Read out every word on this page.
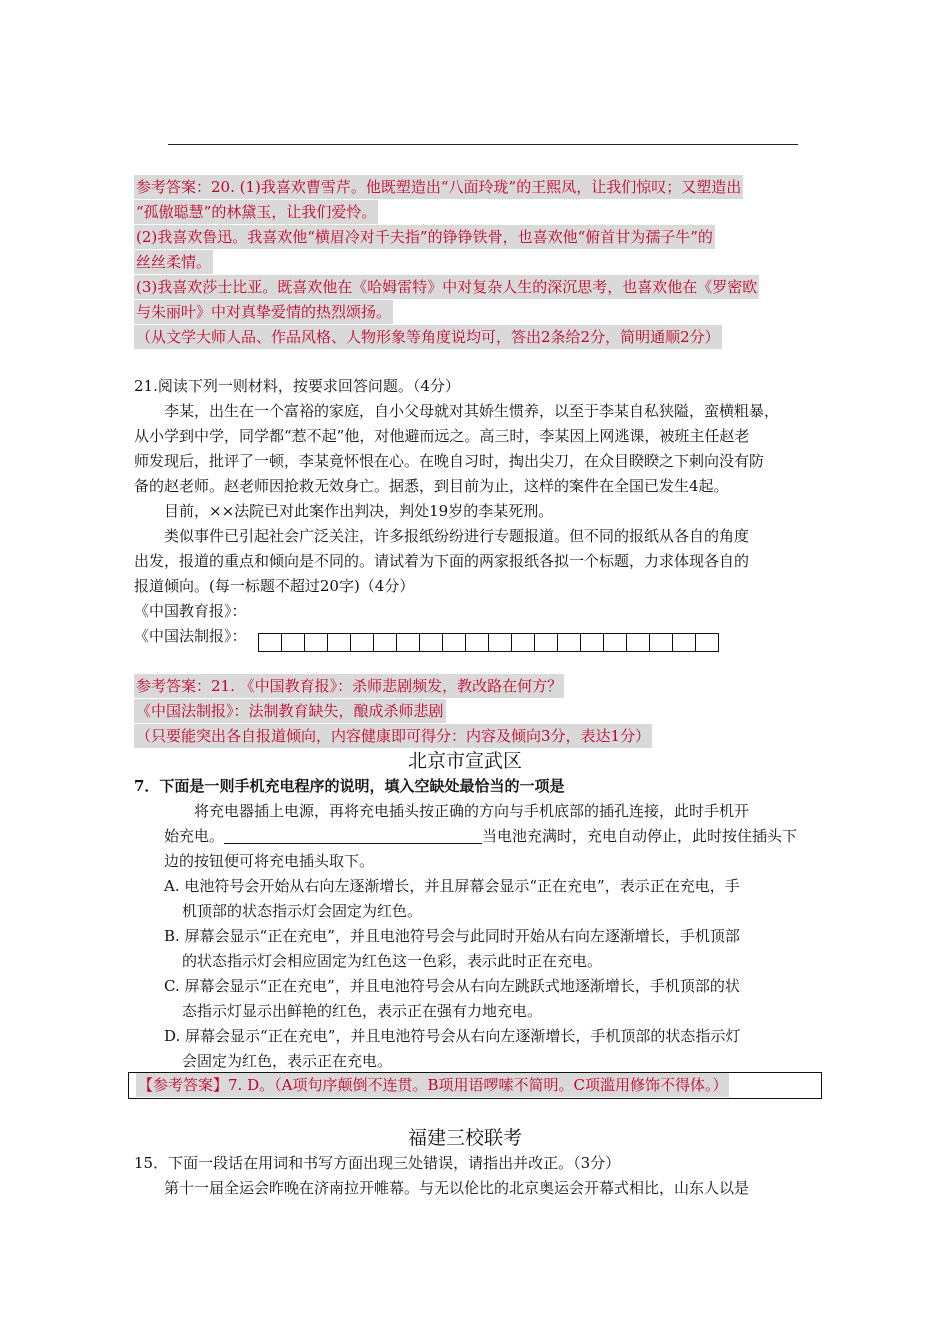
参考答案：20. (1)我喜欢曹雪芹。他既塑造出“八面玲珑”的王熙凤，让我们惊叹；又塑造出
“孤傲聪慧”的林黛玉，让我们爱怜。
(2)我喜欢鲁迅。我喜欢他“横眉冷对千夫指”的铮铮铁骨，也喜欢他“俯首甘为孺子牛”的
丝丝柔情。
(3)我喜欢莎士比亚。既喜欢他在《哈姆雷特》中对复杂人生的深沉思考，也喜欢他在《罗密欧
与朱丽叶》中对真挚爱情的热烈颂扬。
（从文学大师人品、作品风格、人物形象等角度说均可，答出2条给2分，简明通顺2分）
21.阅读下列一则材料，按要求回答问题。（4分）
李某，出生在一个富裕的家庭，自小父母就对其娇生惯养，以至于李某自私狭隘，蛮横粗暴，
从小学到中学，同学都“惹不起”他，对他避而远之。高三时，李某因上网逃课，被班主任赵老
师发现后，批评了一顿，李某竟怀恨在心。在晚自习时，掏出尖刀，在众目睽睽之下刺向没有防
备的赵老师。赵老师因抢救无效身亡。据悉，到目前为止，这样的案件在全国已发生4起。
目前，××法院已对此案作出判决，判处19岁的李某死刑。
类似事件已引起社会广泛关注，许多报纸纷纷进行专题报道。但不同的报纸从各自的角度
出发，报道的重点和倾向是不同的。请试着为下面的两家报纸各拟一个标题，力求体现各自的
报道倾向。(每一标题不超过20字)（4分）
《中国教育报》：
《中国法制报》：
参考答案：21. 《中国教育报》：杀师悲剧频发，教改路在何方？
《中国法制报》：法制教育缺失，酿成杀师悲剧
（只要能突出各自报道倾向，内容健康即可得分：内容及倾向3分，表达1分）
北京市宣武区
7．下面是一则手机充电程序的说明，填入空缺处最恰当的一项是
将充电器插上电源，再将充电插头按正确的方向与手机底部的插孔连接，此时手机开
始充电。	当电池充满时，充电自动停止，此时按住插头下
边的按钮便可将充电插头取下。
A. 电池符号会开始从右向左逐渐增长，并且屏幕会显示“正在充电”，表示正在充电，手
机顶部的状态指示灯会固定为红色。
B. 屏幕会显示“正在充电”，并且电池符号会与此同时开始从右向左逐渐增长，手机顶部
的状态指示灯会相应固定为红色这一色彩，表示此时正在充电。
C. 屏幕会显示“正在充电”，并且电池符号会从右向左跳跃式地逐渐增长，手机顶部的状
态指示灯显示出鲜艳的红色，表示正在强有力地充电。
D. 屏幕会显示“正在充电”，并且电池符号会从右向左逐渐增长，手机顶部的状态指示灯
会固定为红色，表示正在充电。
【参考答案】7. D。（A项句序颠倒不连贯。B项用语啰嗦不简明。C项滥用修饰不得体。）
福建三校联考
15．下面一段话在用词和书写方面出现三处错误，请指出并改正。（3分）
第十一届全运会昨晚在济南拉开帷幕。与无以伦比的北京奥运会开幕式相比，山东人以是
